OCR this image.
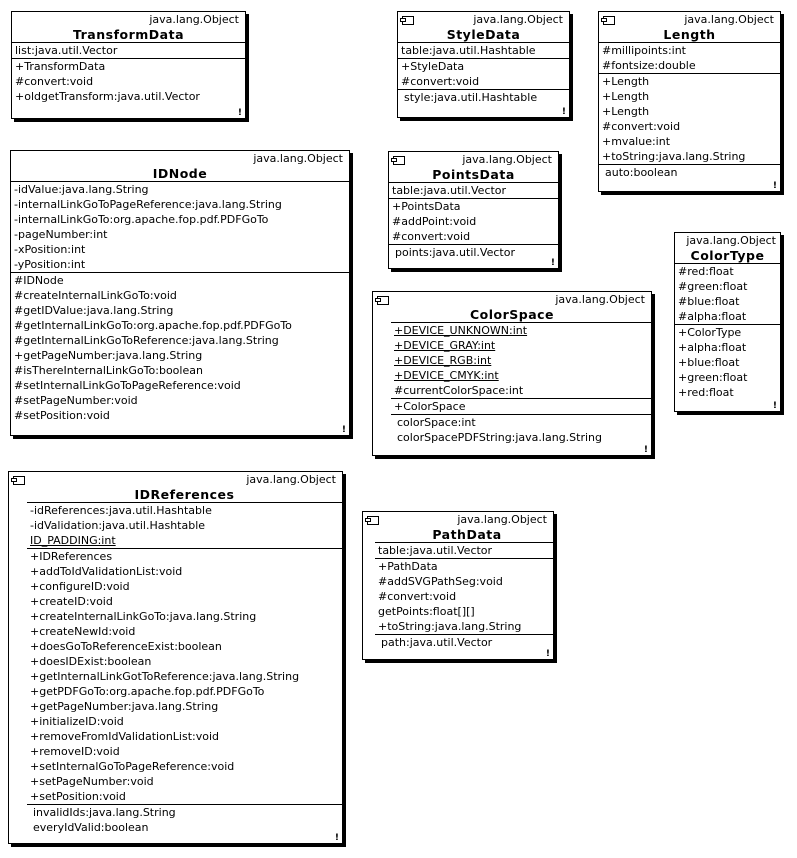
java.lang.Object
TransformData
list:java.util.Vector
+TransformData
#convert:void
+oldgetTransform:java.util.Vector
!
java.lang.Object
StyleData
table:java.util.Hashtable
+StyleData
#convert:void
style:java.util.Hashtable
!
java.lang.Object
Length
#millipoints:int
#fontsize:double
+Length
+Length
+Length
#convert:void
+mvalue:int
+toString:java.lang.String
auto:boolean
!
java.lang.Object
IDNode
-idValue:java.lang.String
-internalLinkGoToPageReference:java.lang.String
-internalLinkGoTo:org.apache.fop.pdf.PDFGoTo
-pageNumber:int
-xPosition:int
-yPosition:int
#IDNode
#createInternalLinkGoTo:void
#getIDValue:java.lang.String
#getInternalLinkGoTo:org.apache.fop.pdf.PDFGoTo
#getInternalLinkGoToReference:java.lang.String
+getPageNumber:java.lang.String
#isThereInternalLinkGoTo:boolean
#setInternalLinkGoToPageReference:void
#setPageNumber:void
#setPosition:void
!
java.lang.Object
PointsData
table:java.util.Vector
+PointsData
#addPoint:void
#convert:void
points:java.util.Vector
!
java.lang.Object
ColorType
#red:float
#green:float
#blue:float
#alpha:float
+ColorType
+alpha:float
+blue:float
+green:float
+red:float
!
java.lang.Object
ColorSpace
+DEVICE_UNKNOWN:int
+DEVICE_GRAY:int
+DEVICE_RGB:int
+DEVICE_CMYK:int
#currentColorSpace:int
+ColorSpace
colorSpace:int
colorSpacePDFString:java.lang.String
!
java.lang.Object
IDReferences
-idReferences:java.util.Hashtable
-idValidation:java.util.Hashtable
ID_PADDING:int
+IDReferences
+addToIdValidationList:void
+configureID:void
+createID:void
+createInternalLinkGoTo:java.lang.String
+createNewId:void
+doesGoToReferenceExist:boolean
+doesIDExist:boolean
+getInternalLinkGotToReference:java.lang.String
+getPDFGoTo:org.apache.fop.pdf.PDFGoTo
+getPageNumber:java.lang.String
+initializeID:void
+removeFromIdValidationList:void
+removeID:void
+setInternalGoToPageReference:void
+setPageNumber:void
+setPosition:void
invalidIds:java.lang.String
everyIdValid:boolean
!
java.lang.Object
PathData
table:java.util.Vector
+PathData
#addSVGPathSeg:void
#convert:void
getPoints:float[][]
+toString:java.lang.String
path:java.util.Vector
!
